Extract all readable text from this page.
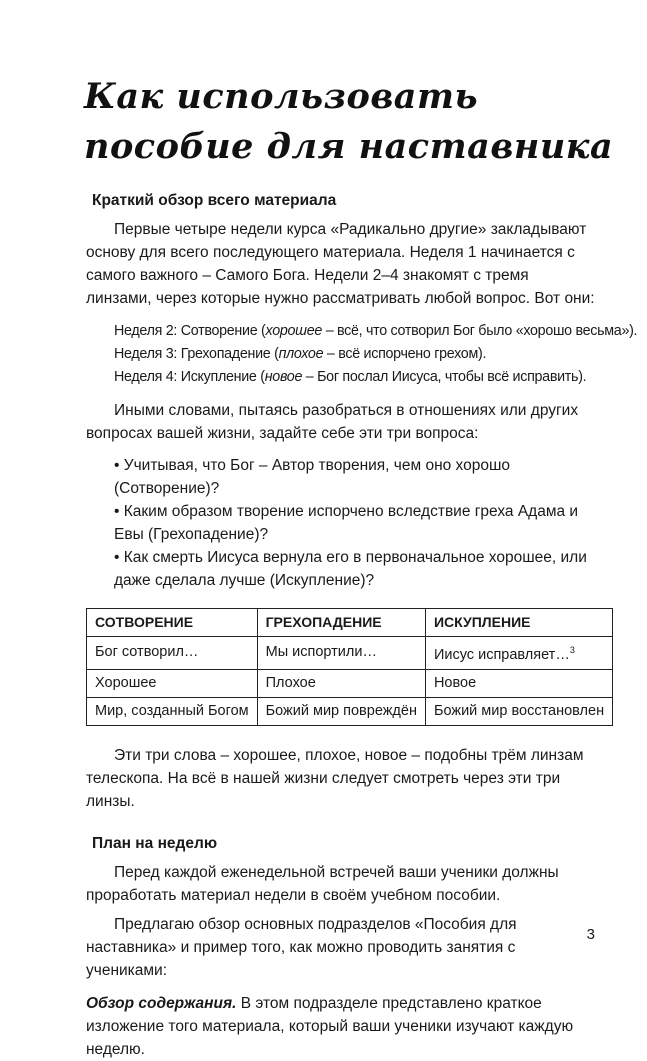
Как использовать
пособие для наставника
Краткий обзор всего материала

Первые четыре недели курса «Радикально другие» закладывают основу для всего последующего материала. Неделя 1 начинается с самого важного – Самого Бога. Недели 2–4 знакомят с тремя линзами, через которые нужно рассматривать любой вопрос. Вот они:

Неделя 2: Сотворение (хорошее – всё, что сотворил Бог было «хорошо весьма»).
Неделя 3: Грехопадение (плохое – всё испорчено грехом).
Неделя 4: Искупление (новое – Бог послал Иисуса, чтобы всё исправить).

Иными словами, пытаясь разобраться в отношениях или других вопросах вашей жизни, задайте себе эти три вопроса:

• Учитывая, что Бог – Автор творения, чем оно хорошо (Сотворение)?
• Каким образом творение испорчено вследствие греха Адама и Евы (Грехопадение)?
• Как смерть Иисуса вернула его в первоначальное хорошее, или даже сделала лучше (Искупление)?
СОТВОРЕНИЕ	ГРЕХОПАДЕНИЕ	ИСКУПЛЕНИЕ
Бог сотворил…	Мы испортили…	Иисус исправляет…$^3$
Хорошее	Плохое	Новое
Мир, созданный Богом	Божий мир повреждён	Божий мир восстановлен

Эти три слова – хорошее, плохое, новое – подобны трём линзам телескопа. На всё в нашей жизни следует смотреть через эти три линзы.

План на неделю

Перед каждой еженедельной встречей ваши ученики должны проработать материал недели в своём учебном пособии.

Предлагаю обзор основных подразделов «Пособия для наставника» и пример того, как можно проводить занятия с учениками:

Обзор содержания. В этом подразделе представлено краткое изложение того материала, который ваши ученики изучают каждую неделю.

3
